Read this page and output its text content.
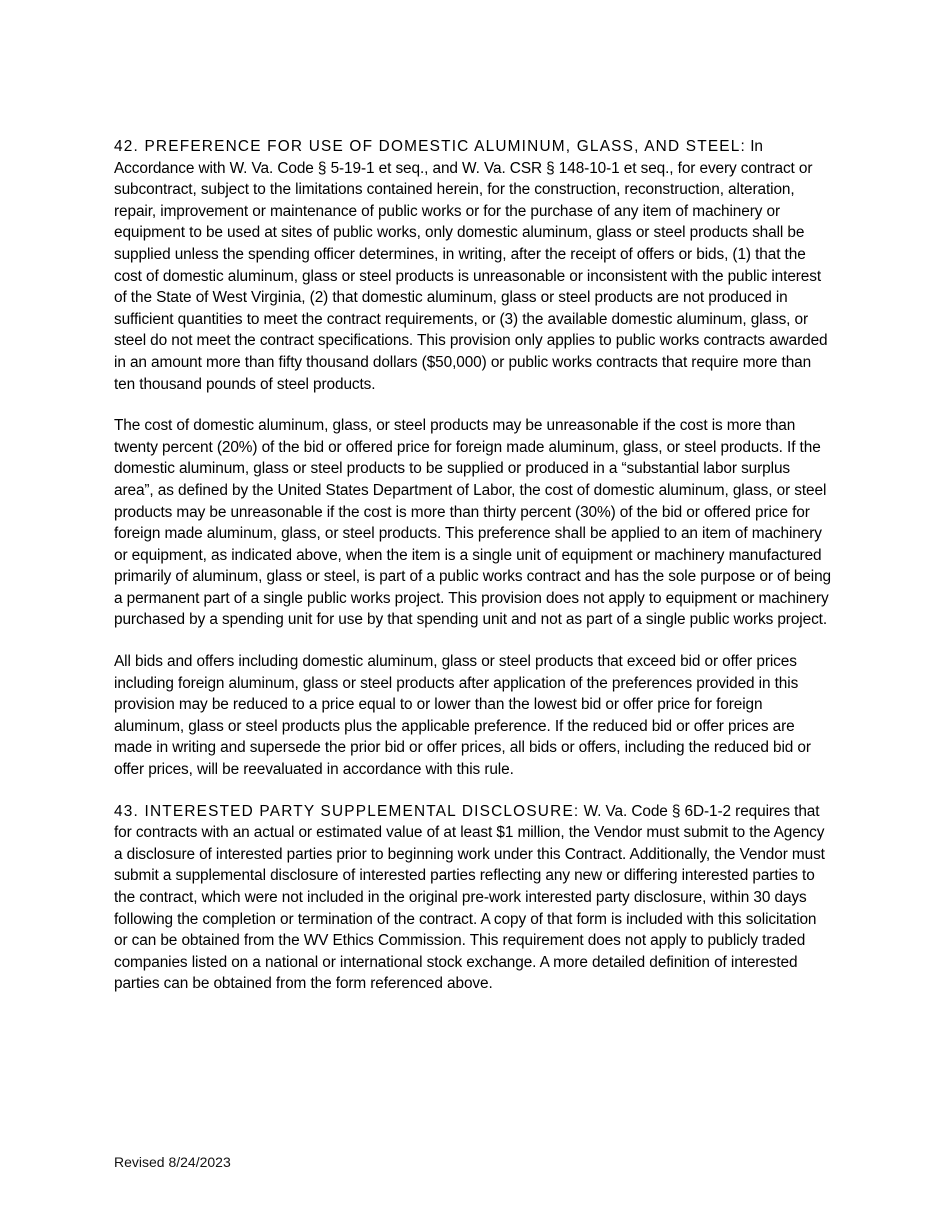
42. PREFERENCE FOR USE OF DOMESTIC ALUMINUM, GLASS, AND STEEL: In Accordance with W. Va. Code § 5-19-1 et seq., and W. Va. CSR § 148-10-1 et seq., for every contract or subcontract, subject to the limitations contained herein, for the construction, reconstruction, alteration, repair, improvement or maintenance of public works or for the purchase of any item of machinery or equipment to be used at sites of public works, only domestic aluminum, glass or steel products shall be supplied unless the spending officer determines, in writing, after the receipt of offers or bids, (1) that the cost of domestic aluminum, glass or steel products is unreasonable or inconsistent with the public interest of the State of West Virginia, (2) that domestic aluminum, glass or steel products are not produced in sufficient quantities to meet the contract requirements, or (3) the available domestic aluminum, glass, or steel do not meet the contract specifications. This provision only applies to public works contracts awarded in an amount more than fifty thousand dollars ($50,000) or public works contracts that require more than ten thousand pounds of steel products.

The cost of domestic aluminum, glass, or steel products may be unreasonable if the cost is more than twenty percent (20%) of the bid or offered price for foreign made aluminum, glass, or steel products. If the domestic aluminum, glass or steel products to be supplied or produced in a “substantial labor surplus area”, as defined by the United States Department of Labor, the cost of domestic aluminum, glass, or steel products may be unreasonable if the cost is more than thirty percent (30%) of the bid or offered price for foreign made aluminum, glass, or steel products. This preference shall be applied to an item of machinery or equipment, as indicated above, when the item is a single unit of equipment or machinery manufactured primarily of aluminum, glass or steel, is part of a public works contract and has the sole purpose or of being a permanent part of a single public works project. This provision does not apply to equipment or machinery purchased by a spending unit for use by that spending unit and not as part of a single public works project.

All bids and offers including domestic aluminum, glass or steel products that exceed bid or offer prices including foreign aluminum, glass or steel products after application of the preferences provided in this provision may be reduced to a price equal to or lower than the lowest bid or offer price for foreign aluminum, glass or steel products plus the applicable preference. If the reduced bid or offer prices are made in writing and supersede the prior bid or offer prices, all bids or offers, including the reduced bid or offer prices, will be reevaluated in accordance with this rule.

43. INTERESTED PARTY SUPPLEMENTAL DISCLOSURE: W. Va. Code § 6D-1-2 requires that for contracts with an actual or estimated value of at least $1 million, the Vendor must submit to the Agency a disclosure of interested parties prior to beginning work under this Contract. Additionally, the Vendor must submit a supplemental disclosure of interested parties reflecting any new or differing interested parties to the contract, which were not included in the original pre-work interested party disclosure, within 30 days following the completion or termination of the contract. A copy of that form is included with this solicitation or can be obtained from the WV Ethics Commission. This requirement does not apply to publicly traded companies listed on a national or international stock exchange. A more detailed definition of interested parties can be obtained from the form referenced above.

Revised 8/24/2023
